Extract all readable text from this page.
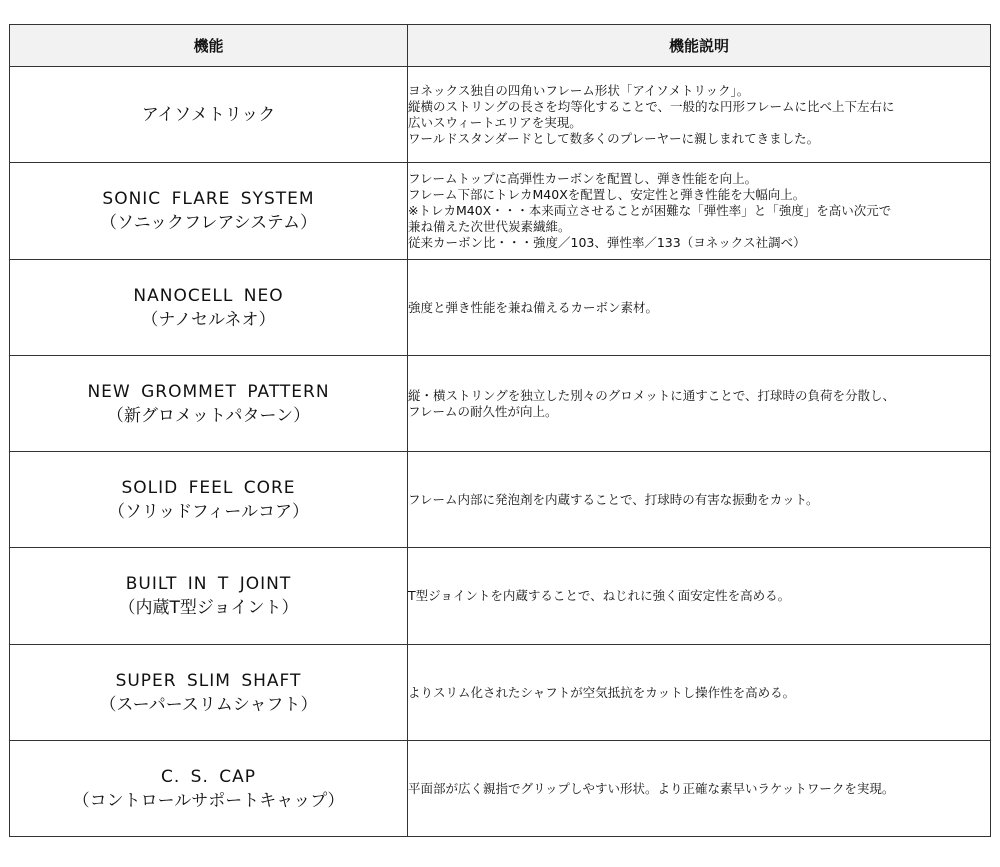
機能	機能説明

アイソメトリック	ヨネックス独自の四角いフレーム形状「アイソメトリック」。
縦横のストリングの長さを均等化することで、一般的な円形フレームに比べ上下左右に
広いスウィートエリアを実現。
ワールドスタンダードとして数多くのプレーヤーに親しまれてきました。

SONIC FLARE SYSTEM
（ソニックフレアシステム）	フレームトップに高弾性カーボンを配置し、弾き性能を向上。
フレーム下部にトレカM40Xを配置し、安定性と弾き性能を大幅向上。
※トレカM40X・・・本来両立させることが困難な「弾性率」と「強度」を高い次元で
兼ね備えた次世代炭素繊維。
従来カーボン比・・・強度／103、弾性率／133（ヨネックス社調べ）

NANOCELL NEO
（ナノセルネオ）	強度と弾き性能を兼ね備えるカーボン素材。

NEW GROMMET PATTERN
（新グロメットパターン）	縦・横ストリングを独立した別々のグロメットに通すことで、打球時の負荷を分散し、
フレームの耐久性が向上。

SOLID FEEL CORE
（ソリッドフィールコア）	フレーム内部に発泡剤を内蔵することで、打球時の有害な振動をカット。

BUILT IN T JOINT
（内蔵T型ジョイント）	T型ジョイントを内蔵することで、ねじれに強く面安定性を高める。

SUPER SLIM SHAFT
（スーパースリムシャフト）	よりスリム化されたシャフトが空気抵抗をカットし操作性を高める。

C. S. CAP
（コントロールサポートキャップ）	平面部が広く親指でグリップしやすい形状。より正確な素早いラケットワークを実現。
